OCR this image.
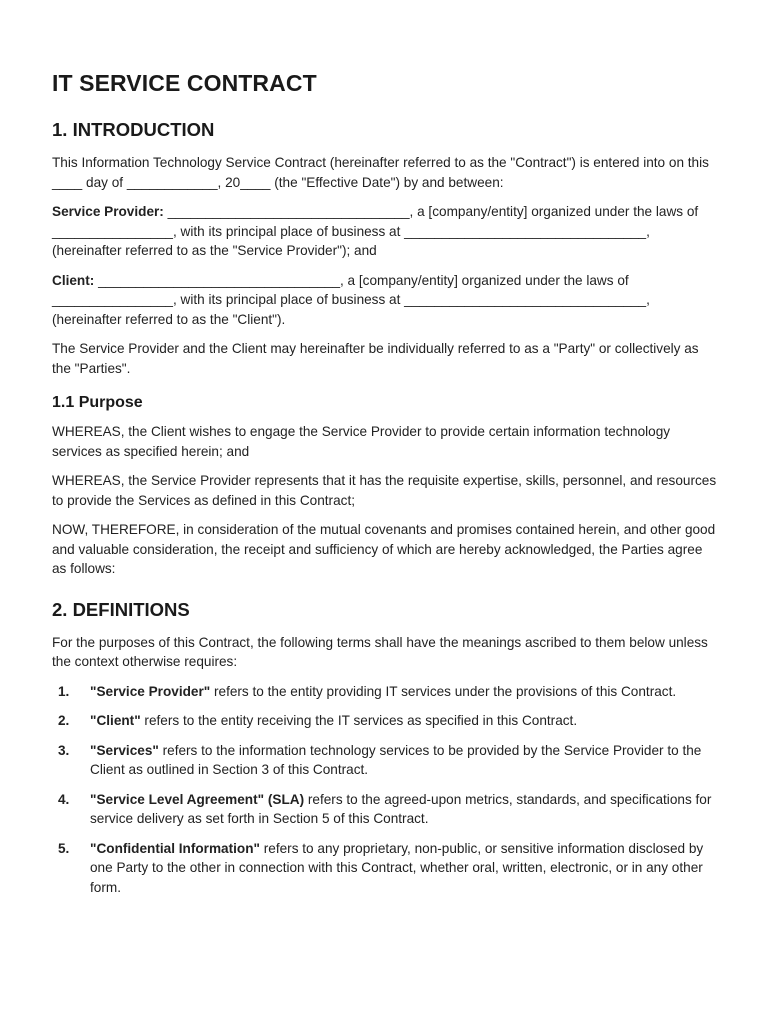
IT SERVICE CONTRACT
1. INTRODUCTION

This Information Technology Service Contract (hereinafter referred to as the "Contract") is entered into on this ____ day of ____________, 20____ (the "Effective Date") by and between:

Service Provider: ________________________________, a [company/entity] organized under the laws of ________________, with its principal place of business at ________________________________, (hereinafter referred to as the "Service Provider"); and

Client: ________________________________, a [company/entity] organized under the laws of ________________, with its principal place of business at ________________________________, (hereinafter referred to as the "Client").

The Service Provider and the Client may hereinafter be individually referred to as a "Party" or collectively as the "Parties".

1.1 Purpose

WHEREAS, the Client wishes to engage the Service Provider to provide certain information technology services as specified herein; and

WHEREAS, the Service Provider represents that it has the requisite expertise, skills, personnel, and resources to provide the Services as defined in this Contract;

NOW, THEREFORE, in consideration of the mutual covenants and promises contained herein, and other good and valuable consideration, the receipt and sufficiency of which are hereby acknowledged, the Parties agree as follows:

2. DEFINITIONS

For the purposes of this Contract, the following terms shall have the meanings ascribed to them below unless the context otherwise requires:

1.	"Service Provider" refers to the entity providing IT services under the provisions of this Contract.
2.	"Client" refers to the entity receiving the IT services as specified in this Contract.
3.	"Services" refers to the information technology services to be provided by the Service Provider to the Client as outlined in Section 3 of this Contract.
4.	"Service Level Agreement" (SLA) refers to the agreed-upon metrics, standards, and specifications for service delivery as set forth in Section 5 of this Contract.
5.	"Confidential Information" refers to any proprietary, non-public, or sensitive information disclosed by one Party to the other in connection with this Contract, whether oral, written, electronic, or in any other form.
